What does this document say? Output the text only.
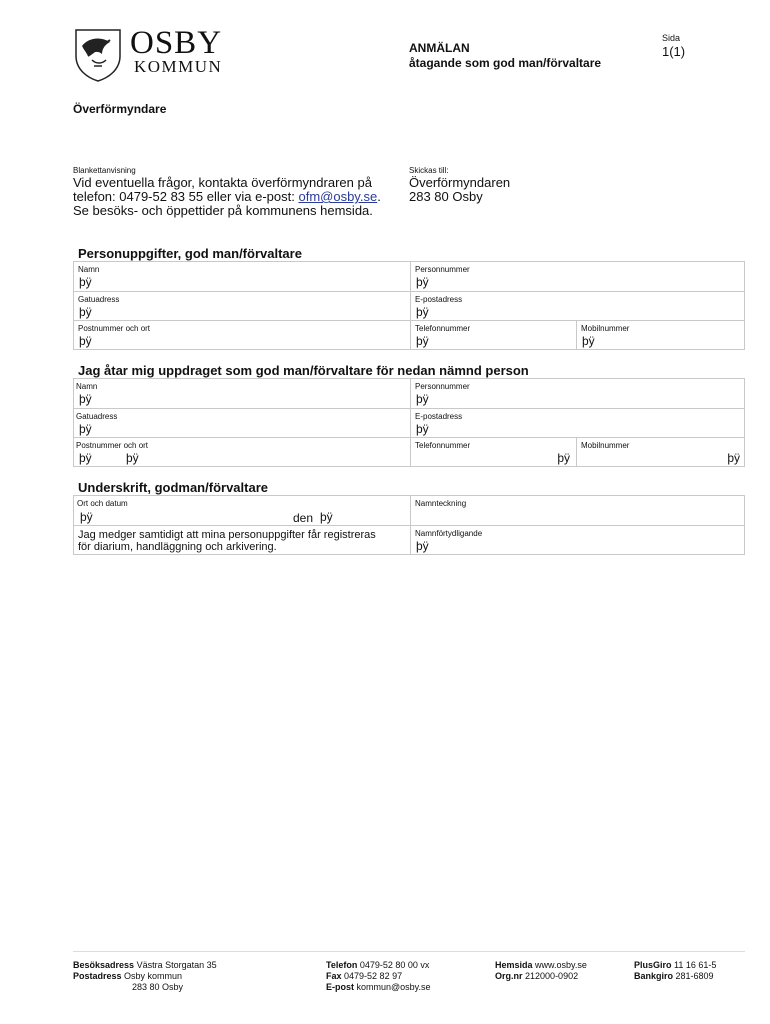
OSBY
KOMMUN
ANMÄLAN
åtagande som god man/förvaltare
Sida
1(1)
Överförmyndare
Blankettanvisning
Vid eventuella frågor, kontakta överförmyndraren på
telefon: 0479-52 83 55 eller via e-post: ofm@osby.se.
Se besöks- och öppettider på kommunens hemsida.
Skickas till:
Överförmyndaren
283 80 Osby
Personuppgifter, god man/förvaltare
Namn
þÿ
Personnummer
þÿ
Gatuadress
þÿ
E-postadress
þÿ
Postnummer och ort
þÿ
Telefonnummer
þÿ
Mobilnummer
þÿ
Jag åtar mig uppdraget som god man/förvaltare för nedan nämnd person
Namn
þÿ
Personnummer
þÿ
Gatuadress
þÿ
E-postadress
þÿ
Postnummer och ort
þÿ	þÿ
Telefonnummer
þÿ
Mobilnummer
þÿ
Underskrift, godman/förvaltare
Ort och datum
þÿ	den þÿ
Namnteckning
Jag medger samtidigt att mina personuppgifter får registreras
för diarium, handläggning och arkivering.
Namnförtydligande
þÿ
Besöksadress Västra Storgatan 35
Postadress Osby kommun
283 80 Osby
Telefon 0479-52 80 00 vx
Fax 0479-52 82 97
E-post kommun@osby.se
Hemsida www.osby.se
Org.nr 212000-0902
PlusGiro 11 16 61-5
Bankgiro 281-6809
